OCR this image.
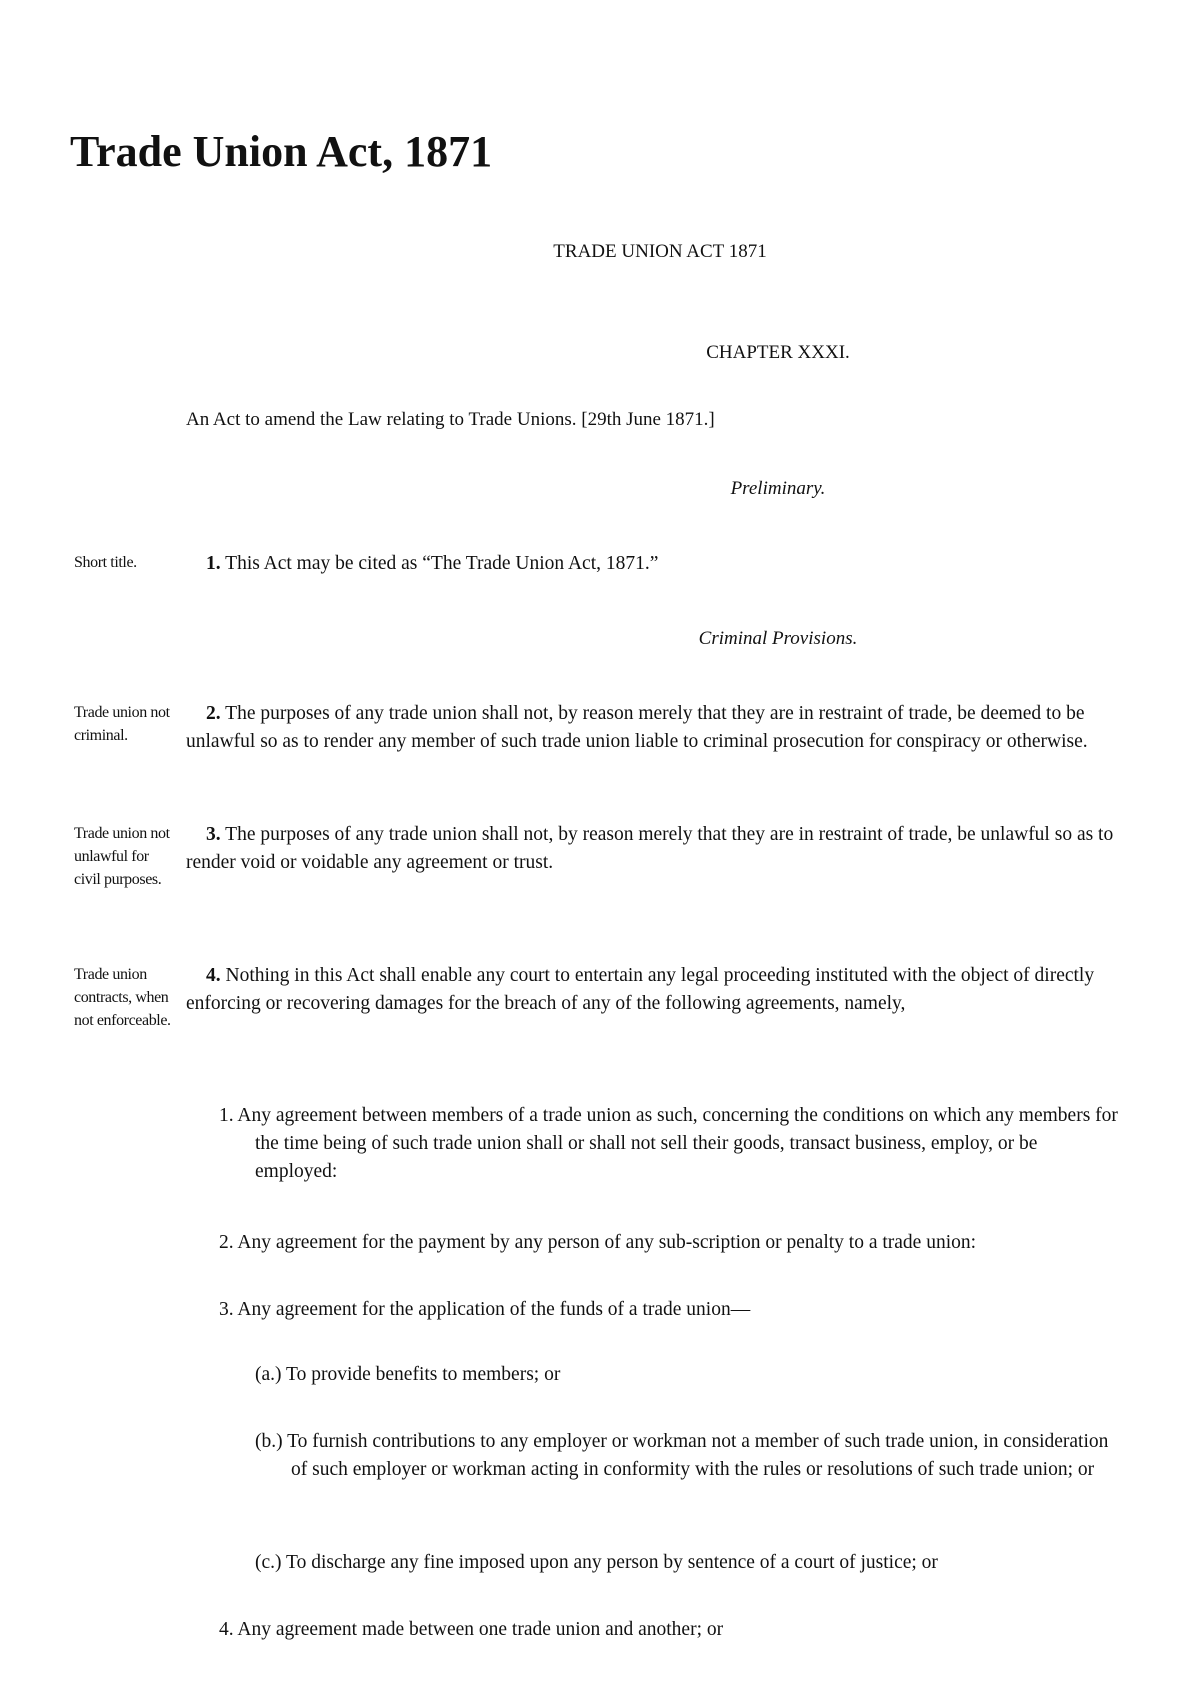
Trade Union Act, 1871

TRADE UNION ACT 1871

CHAPTER XXXI.

An Act to amend the Law relating to Trade Unions. [29th June 1871.]

Preliminary.

Short title.	1. This Act may be cited as “The Trade Union Act, 1871.”

Criminal Provisions.

Trade union not criminal.

2. The purposes of any trade union shall not, by reason merely that they are in restraint of trade, be deemed to be unlawful so as to render any member of such trade union liable to criminal prosecution for conspiracy or otherwise.

Trade union not unlawful for civil purposes.

3. The purposes of any trade union shall not, by reason merely that they are in restraint of trade, be unlawful so as to render void or voidable any agreement or trust.

Trade union contracts, when not enforceable.

4. Nothing in this Act shall enable any court to entertain any legal proceeding instituted with the object of directly enforcing or recovering damages for the breach of any of the following agreements, namely,

1. Any agreement between members of a trade union as such, concerning the conditions on which any members for the time being of such trade union shall or shall not sell their goods, transact business, employ, or be employed:

2. Any agreement for the payment by any person of any sub-scription or penalty to a trade union:

3. Any agreement for the application of the funds of a trade union—

(a.) To provide benefits to members; or

(b.) To furnish contributions to any employer or workman not a member of such trade union, in consideration of such employer or workman acting in conformity with the rules or resolutions of such trade union; or

(c.) To discharge any fine imposed upon any person by sentence of a court of justice; or

4. Any agreement made between one trade union and another; or
